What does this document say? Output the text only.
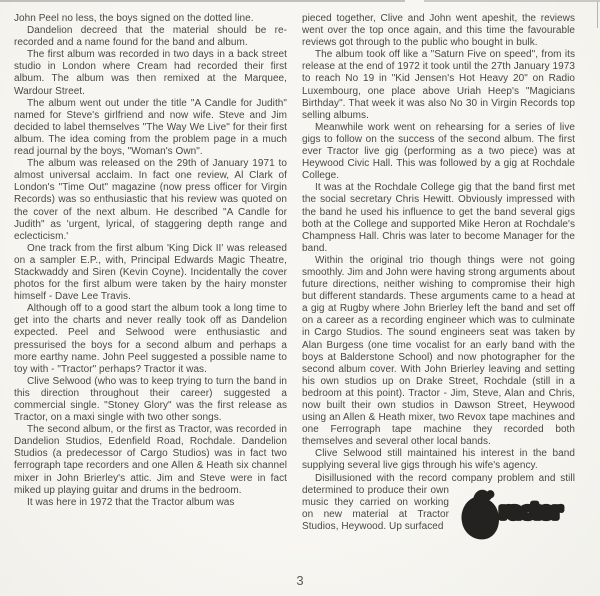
John Peel no less, the boys signed on the dotted line.

Dandelion decreed that the material should be re-recorded and a name found for the band and album.

The first album was recorded in two days in a back street studio in London where Cream had recorded their first album. The album was then remixed at the Marquee, Wardour Street.

The album went out under the title "A Candle for Judith" named for Steve's girlfriend and now wife. Steve and Jim decided to label themselves "The Way We Live" for their first album. The idea coming from the problem page in a much read journal by the boys, "Woman's Own".

The album was released on the 29th of January 1971 to almost universal acclaim. In fact one review, Al Clark of London's "Time Out" magazine (now press officer for Virgin Records) was so enthusiastic that his review was quoted on the cover of the next album. He described "A Candle for Judith" as 'urgent, lyrical, of staggering depth range and eclecticism.'

One track from the first album 'King Dick II' was released on a sampler E.P., with, Principal Edwards Magic Theatre, Stackwaddy and Siren (Kevin Coyne). Incidentally the cover photos for the first album were taken by the hairy monster himself - Dave Lee Travis.

Although off to a good start the album took a long time to get into the charts and never really took off as Dandelion expected. Peel and Selwood were enthusiastic and pressurised the boys for a second album and perhaps a more earthy name. John Peel suggested a possible name to toy with - "Tractor" perhaps? Tractor it was.

Clive Selwood (who was to keep trying to turn the band in this direction throughout their career) suggested a commercial single. "Stoney Glory" was the first release as Tractor, on a maxi single with two other songs.

The second album, or the first as Tractor, was recorded in Dandelion Studios, Edenfield Road, Rochdale. Dandelion Studios (a predecessor of Cargo Studios) was in fact two ferrograph tape recorders and one Allen & Heath six channel mixer in John Brierley's attic. Jim and Steve were in fact miked up playing guitar and drums in the bedroom.

It was here in 1972 that the Tractor album was

pieced together, Clive and John went apeshit, the reviews went over the top once again, and this time the favourable reviews got through to the public who bought in bulk.

The album took off like a "Saturn Five on speed", from its release at the end of 1972 it took until the 27th January 1973 to reach No 19 in "Kid Jensen's Hot Heavy 20" on Radio Luxembourg, one place above Uriah Heep's "Magicians Birthday". That week it was also No 30 in Virgin Records top selling albums.

Meanwhile work went on rehearsing for a series of live gigs to follow on the success of the second album. The first ever Tractor live gig (performing as a two piece) was at Heywood Civic Hall. This was followed by a gig at Rochdale College.

It was at the Rochdale College gig that the band first met the social secretary Chris Hewitt. Obviously impressed with the band he used his influence to get the band several gigs both at the College and supported Mike Heron at Rochdale's Champness Hall. Chris was later to become Manager for the band.

Within the original trio though things were not going smoothly. Jim and John were having strong arguments about future directions, neither wishing to compromise their high but different standards. These arguments came to a head at a gig at Rugby where John Brierley left the band and set off on a career as a recording engineer which was to culminate in Cargo Studios. The sound engineers seat was taken by Alan Burgess (one time vocalist for an early band with the boys at Balderstone School) and now photographer for the second album cover. With John Brierley leaving and setting his own studios up on Drake Street, Rochdale (still in a bedroom at this point). Tractor - Jim, Steve, Alan and Chris, now built their own studios in Dawson Street, Heywood using an Allen & Heath mixer, two Revox tape machines and one Ferrograph tape machine they recorded both themselves and several other local bands.

Clive Selwood still maintained his interest in the band supplying several live gigs through his wife's agency.

Disillusioned with the record company problem and
ractor
still determined to produce their own music they carried on working on new material at Tractor Studios, Heywood. Up surfaced

3
